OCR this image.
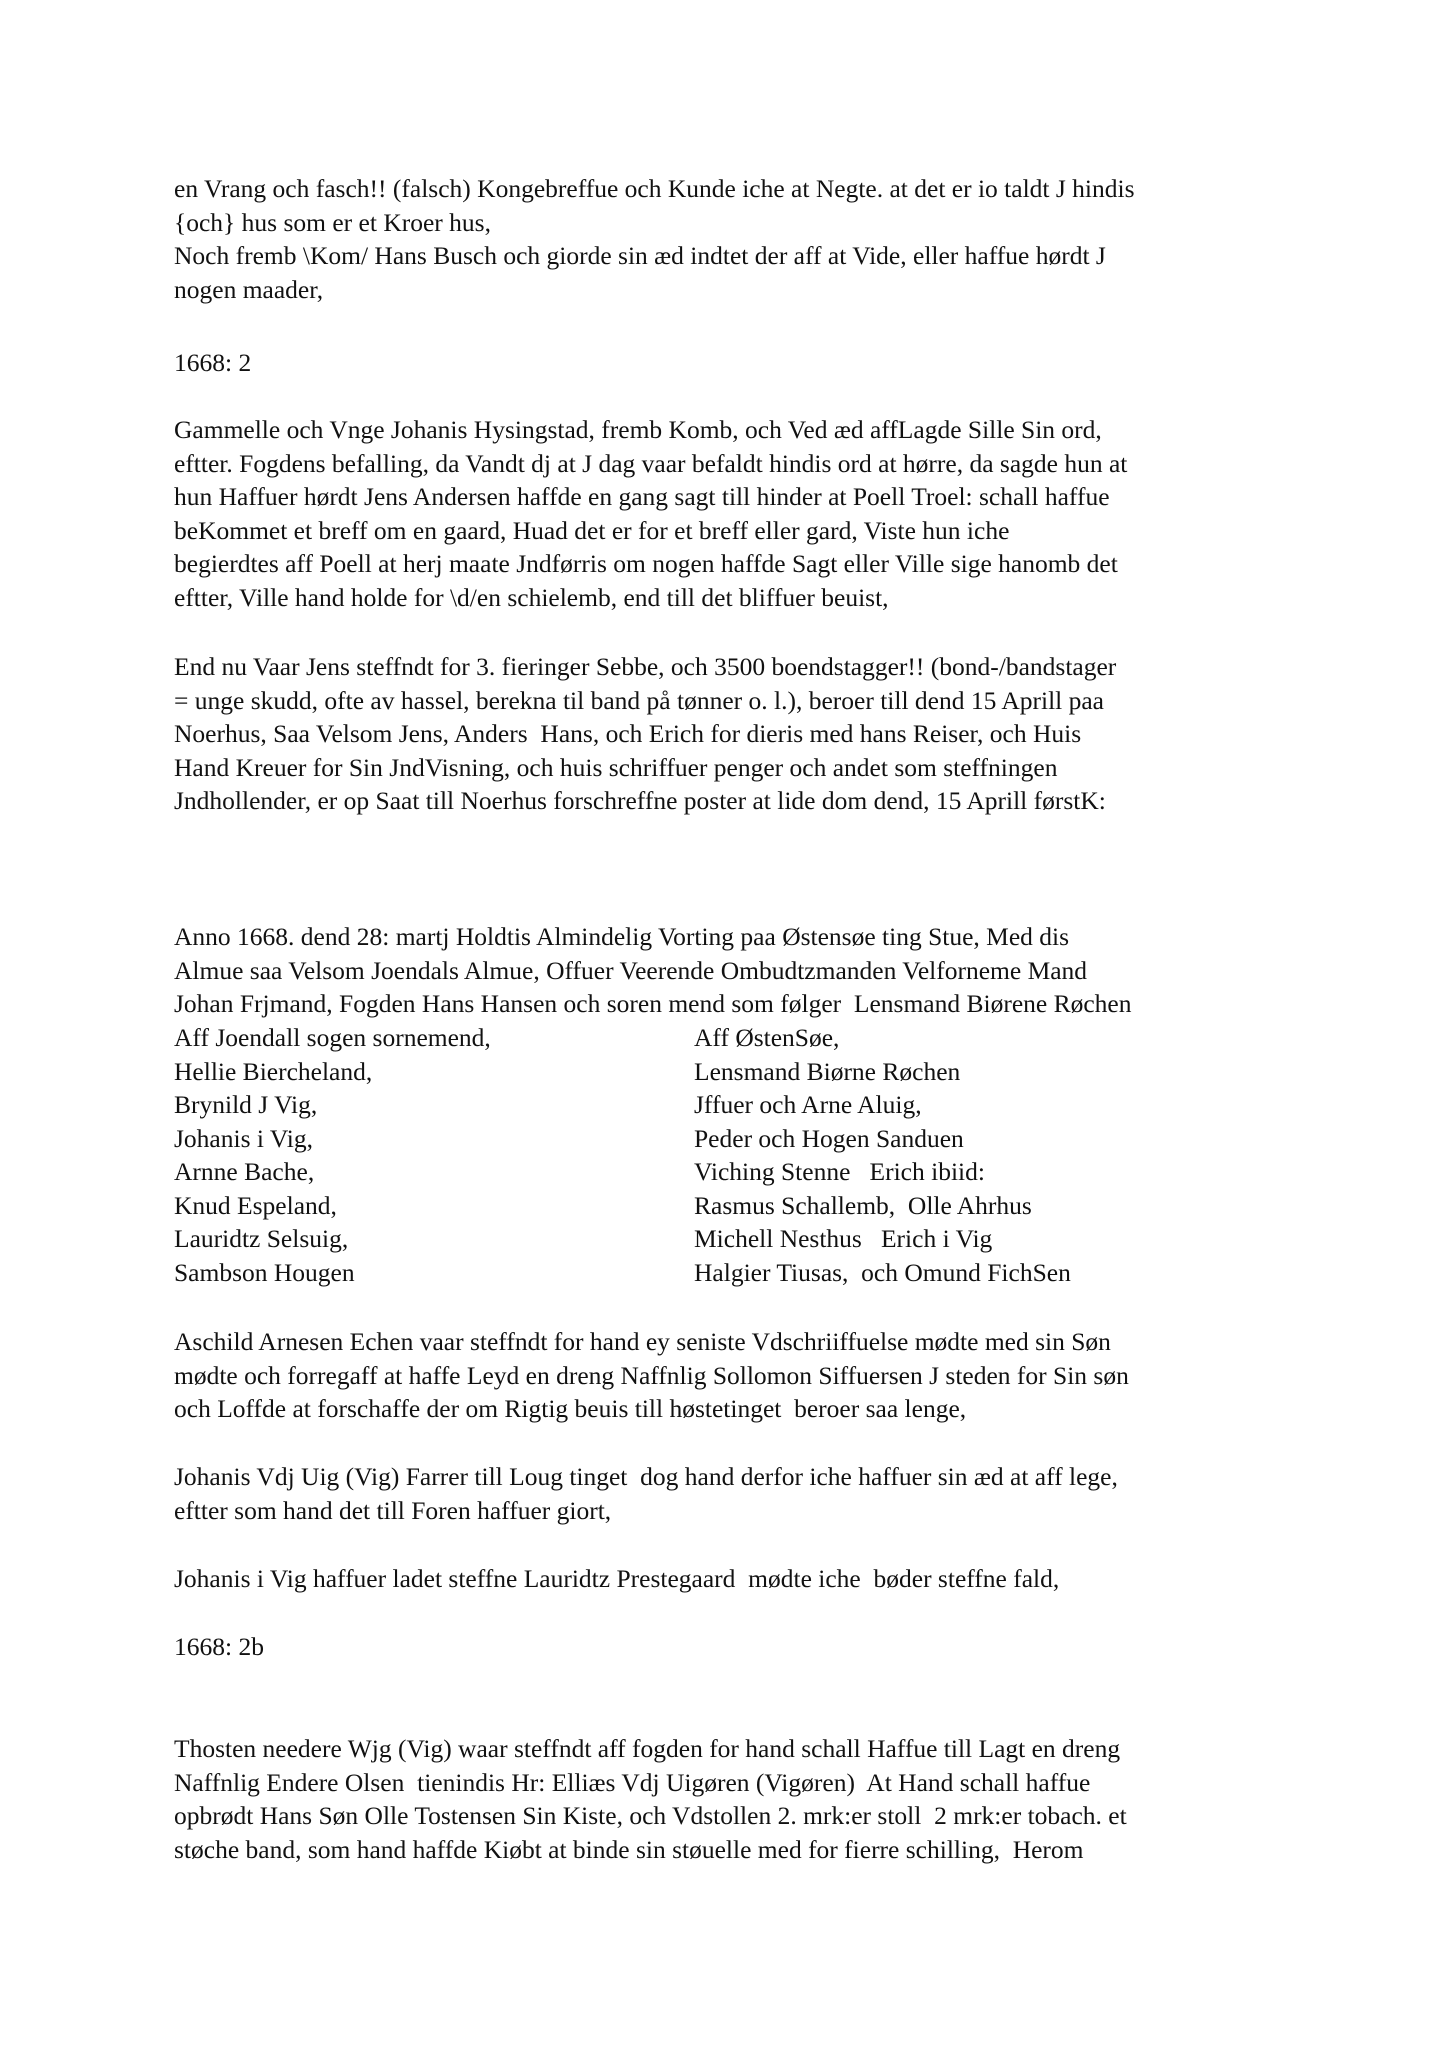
en Vrang och fasch!! (falsch) Kongebreffue och Kunde iche at Negte. at det er io taldt J hindis
{och} hus som er et Kroer hus,
Noch fremb \Kom/ Hans Busch och giorde sin æd indtet der aff at Vide, eller haffue hørdt J
nogen maader,
1668: 2
Gammelle och Vnge Johanis Hysingstad, fremb Komb, och Ved æd affLagde Sille Sin ord,
eftter. Fogdens befalling, da Vandt dj at J dag vaar befaldt hindis ord at hørre, da sagde hun at
hun Haffuer hørdt Jens Andersen haffde en gang sagt till hinder at Poell Troel: schall haffue
beKommet et breff om en gaard, Huad det er for et breff eller gard, Viste hun iche
begierdtes aff Poell at herj maate Jndførris om nogen haffde Sagt eller Ville sige hanomb det
eftter, Ville hand holde for \d/en schielemb, end till det bliffuer beuist,
End nu Vaar Jens steffndt for 3. fieringer Sebbe, och 3500 boendstagger!! (bond-/bandstager
= unge skudd, ofte av hassel, berekna til band på tønner o. l.), beroer till dend 15 Aprill paa
Noerhus, Saa Velsom Jens, Anders  Hans, och Erich for dieris med hans Reiser, och Huis
Hand Kreuer for Sin JndVisning, och huis schriffuer penger och andet som steffningen
Jndhollender, er op Saat till Noerhus forschreffne poster at lide dom dend, 15 Aprill førstK:
Anno 1668. dend 28: martj Holdtis Almindelig Vorting paa Østensøe ting Stue, Med dis
Almue saa Velsom Joendals Almue, Offuer Veerende Ombudtzmanden Velforneme Mand
Johan Frjmand, Fogden Hans Hansen och soren mend som følger  Lensmand Biørene Røchen
Aff Joendall sogen sornemend,	Aff ØstenSøe,
Hellie Biercheland,	Lensmand Biørne Røchen
Brynild J Vig,	Jffuer och Arne Aluig,
Johanis i Vig,	Peder och Hogen Sanduen
Arnne Bache,	Viching Stenne   Erich ibiid:
Knud Espeland,	Rasmus Schallemb,  Olle Ahrhus
Lauridtz Selsuig,	Michell Nesthus   Erich i Vig
Sambson Hougen	Halgier Tiusas,  och Omund FichSen
Aschild Arnesen Echen vaar steffndt for hand ey seniste Vdschriiffuelse mødte med sin Søn
mødte och forregaff at haffe Leyd en dreng Naffnlig Sollomon Siffuersen J steden for Sin søn
och Loffde at forschaffe der om Rigtig beuis till høstetinget  beroer saa lenge,
Johanis Vdj Uig (Vig) Farrer till Loug tinget  dog hand derfor iche haffuer sin æd at aff lege,
eftter som hand det till Foren haffuer giort,
Johanis i Vig haffuer ladet steffne Lauridtz Prestegaard  mødte iche  bøder steffne fald,
1668: 2b
Thosten needere Wjg (Vig) waar steffndt aff fogden for hand schall Haffue till Lagt en dreng
Naffnlig Endere Olsen  tienindis Hr: Elliæs Vdj Uigøren (Vigøren)  At Hand schall haffue
opbrødt Hans Søn Olle Tostensen Sin Kiste, och Vdstollen 2. mrk:er stoll  2 mrk:er tobach. et
støche band, som hand haffde Kiøbt at binde sin støuelle med for fierre schilling,  Herom
